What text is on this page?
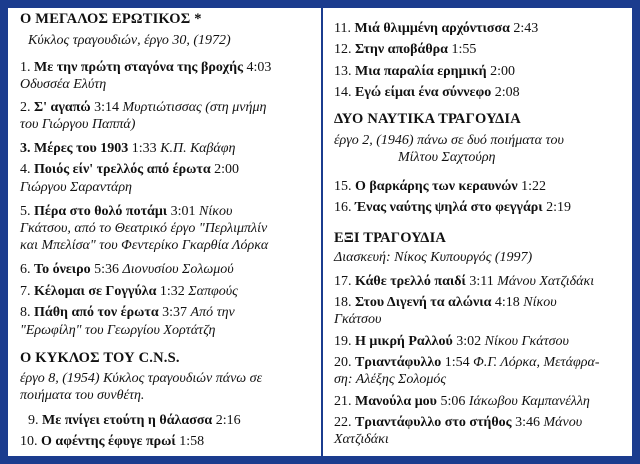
Ο ΜΕΓΑΛΟΣ ΕΡΩΤΙΚΟΣ *
Κύκλος τραγουδιών, έργο 30, (1972)
1. Με την πρώτη σταγόνα της βροχής 4:03
Οδυσσέα Ελύτη
2. Σ' αγαπώ 3:14 Μυρτιώτισσας (στη μνήμη
του Γιώργου Παππά)
3. Μέρες του 1903 1:33 Κ.Π. Καβάφη
4. Ποιός είν' τρελλός από έρωτα 2:00
Γιώργου Σαραντάρη
5. Πέρα στο θολό ποτάμι 3:01 Νίκου
Γκάτσου, από το Θεατρικό έργο "Περλιμπλίν
και Μπελίσα" του Φεντερίκο Γκαρθία Λόρκα
6. Το όνειρο 5:36 Διονυσίου Σολωμού
7. Κέλομαι σε Γογγύλα 1:32 Σαπφούς
8. Πάθη από τον έρωτα 3:37 Από την
"Ερωφίλη" του Γεωργίου Χορτάτζη
Ο ΚΥΚΛΟΣ ΤΟΥ C.N.S.
έργο 8, (1954) Κύκλος τραγουδιών πάνω σε
ποιήματα του συνθέτη.
9. Με πνίγει ετούτη η θάλασσα 2:16
10. Ο αφέντης έφυγε πρωί 1:58
11. Μιά θλιμμένη αρχόντισσα 2:43
12. Στην αποβάθρα 1:55
13. Μια παραλία ερημική 2:00
14. Εγώ είμαι ένα σύννεφο 2:08
ΔΥΟ ΝΑΥΤΙΚΑ ΤΡΑΓΟΥΔΙΑ
έργο 2, (1946) πάνω σε δυό ποιήματα του
Μίλτου Σαχτούρη
15. Ο βαρκάρης των κεραυνών 1:22
16. Ένας ναύτης ψηλά στο φεγγάρι 2:19
ΕΞΙ ΤΡΑΓΟΥΔΙΑ
Διασκευή: Νίκος Κυπουργός (1997)
17. Κάθε τρελλό παιδί 3:11 Μάνου Χατζιδάκι
18. Στου Διγενή τα αλώνια 4:18 Νίκου
Γκάτσου
19. Η μικρή Ραλλού 3:02 Νίκου Γκάτσου
20. Τριαντάφυλλο 1:54 Φ.Γ. Λόρκα, Μετάφρα-
ση: Αλέξης Σολομός
21. Μανούλα μου 5:06 Ιάκωβου Καμπανέλλη
22. Τριαντάφυλλο στο στήθος 3:46 Μάνου
Χατζιδάκι
